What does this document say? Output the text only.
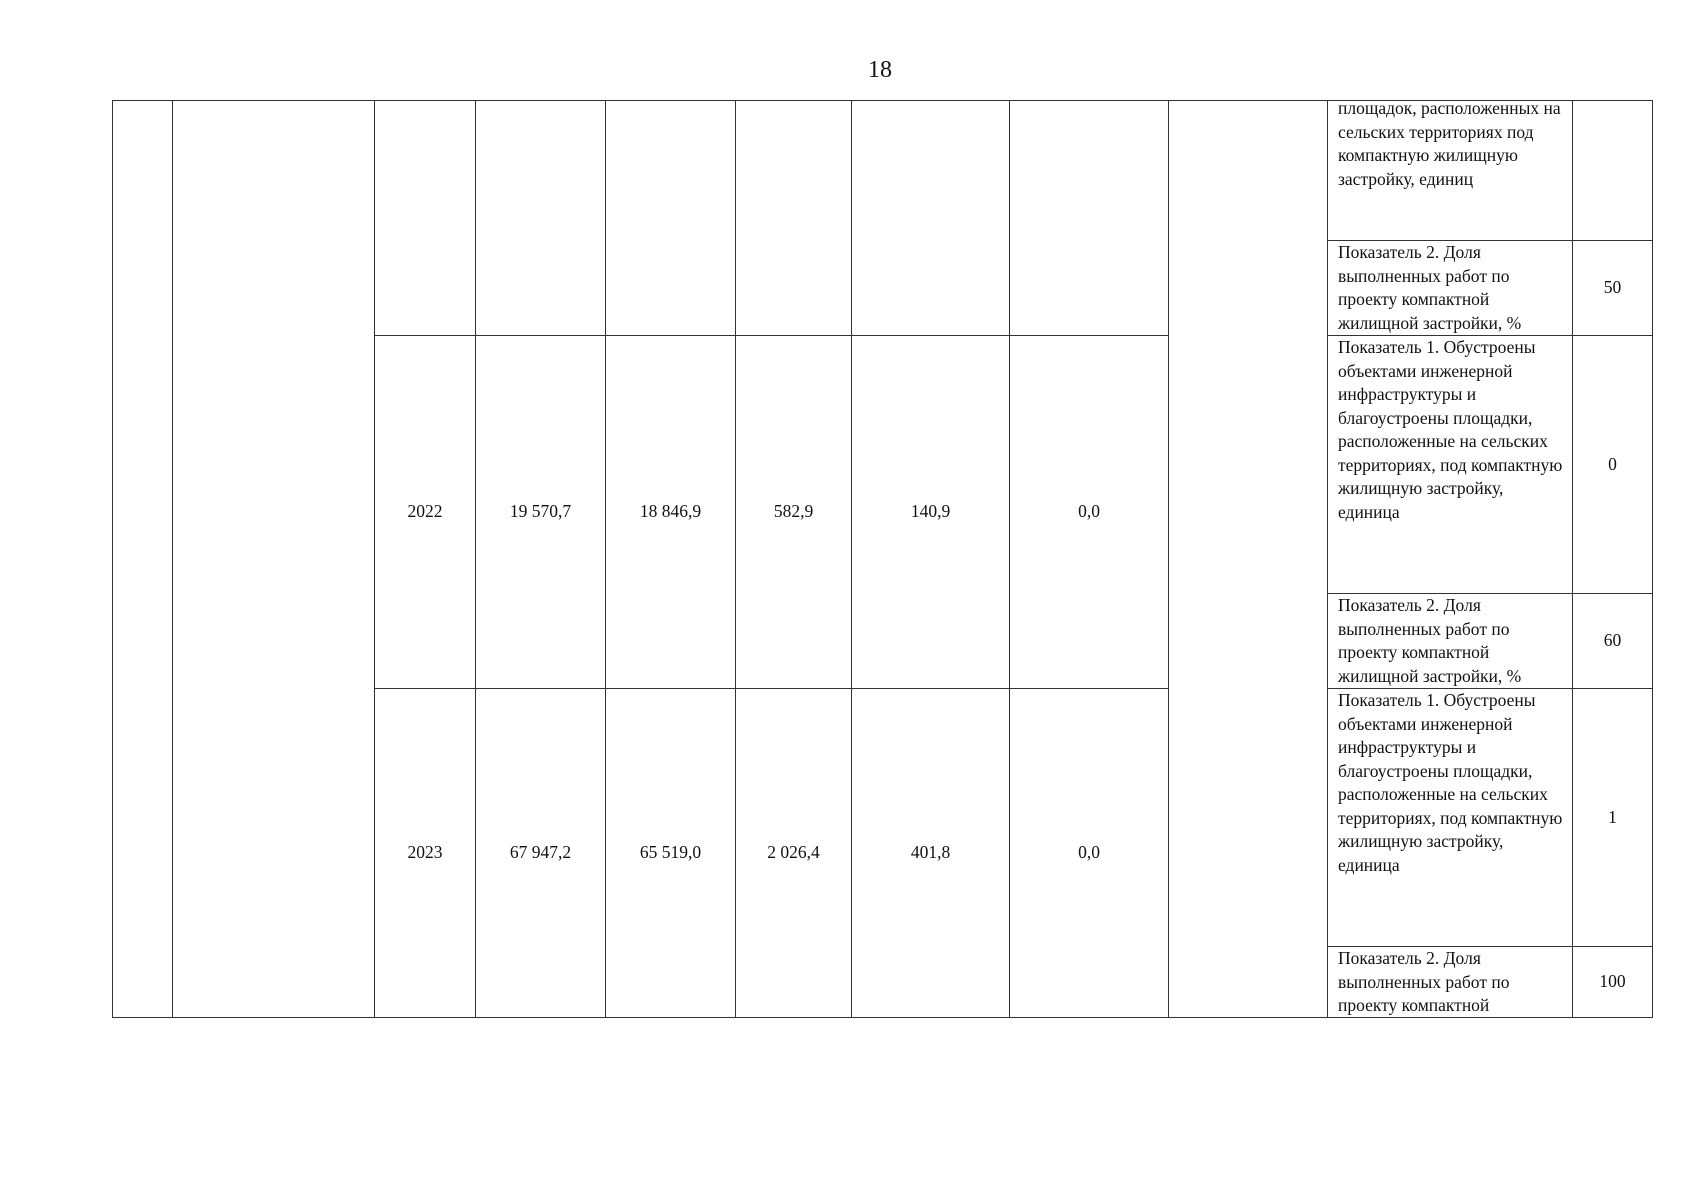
18

									площадок, расположенных на сельских территориях под компактную жилищную застройку, единиц	

									Показатель 2. Доля выполненных работ по проекту компактной жилищной застройки, %	50
		2022	19 570,7	18 846,9	582,9	140,9	0,0		Показатель 1. Обустроены объектами инженерной инфраструктуры и благоустроены площадки, расположенные на сельских территориях, под компактную жилищную застройку, единица	0

									Показатель 2. Доля выполненных работ по проекту компактной жилищной застройки, %	60
		2023	67 947,2	65 519,0	2 026,4	401,8	0,0		Показатель 1. Обустроены объектами инженерной инфраструктуры и благоустроены площадки, расположенные на сельских территориях, под компактную жилищную застройку, единица	1

									Показатель 2. Доля выполненных работ по проекту компактной	100
